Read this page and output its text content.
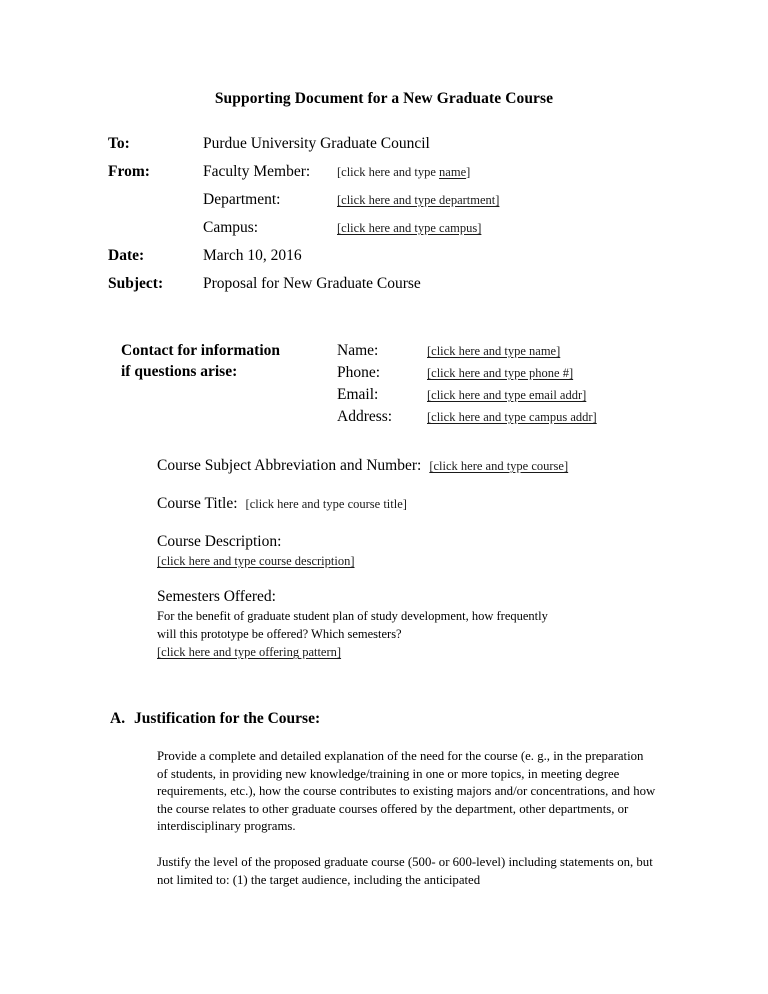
Supporting Document for a New Graduate Course
To:	Purdue University Graduate Council
From:	Faculty Member: [click here and type name]
Department:	[click here and type department]
Campus:	[click here and type campus]
Date:	March 10, 2016
Subject:	Proposal for New Graduate Course
Contact for information
if questions arise:
Name:	[click here and type name]
Phone:	[click here and type phone #]
Email:	[click here and type email addr]
Address:	[click here and type campus addr]
Course Subject Abbreviation and Number: [click here and type course]
Course Title: [click here and type course title]
Course Description:
[click here and type course description]
Semesters Offered:
For the benefit of graduate student plan of study development, how frequently
will this prototype be offered? Which semesters?
[click here and type offering pattern]
A. Justification for the Course:

Provide a complete and detailed explanation of the need for the course (e. g., in the preparation of students, in providing new knowledge/training in one or more topics, in meeting degree requirements, etc.), how the course contributes to existing majors and/or concentrations, and how the course relates to other graduate courses offered by the department, other departments, or interdisciplinary programs.

Justify the level of the proposed graduate course (500- or 600-level) including statements on, but not limited to: (1) the target audience, including the anticipated
